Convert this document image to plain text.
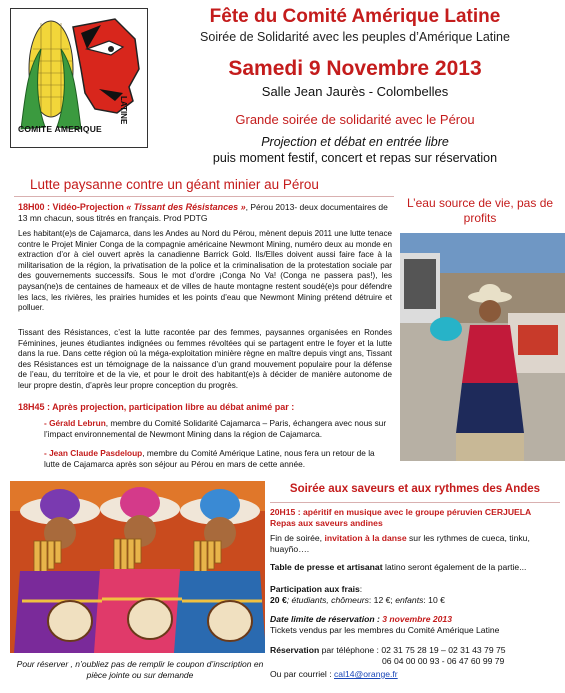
COMITE AMERIQUE
LATINE
Fête du Comité Amérique Latine
Soirée de Solidarité avec les peuples d’Amérique Latine
Samedi 9 Novembre 2013
Salle Jean Jaurès - Colombelles
Grande soirée de solidarité avec le Pérou
Projection et débat en entrée libre
puis moment festif, concert et repas sur réservation
Lutte paysanne contre un géant minier au Pérou
L’eau source de vie, pas de profits
18H00 : Vidéo-Projection « Tissant des Résistances », Pérou 2013- deux documentaires de 13 mn chacun, sous titrés en français. Prod PDTG
Les habitant(e)s de Cajamarca, dans les Andes au Nord du Pérou, mènent depuis 2011 une lutte tenace contre le Projet Minier Conga de la compagnie américaine Newmont Mining, numéro deux au monde en extraction d’or à ciel ouvert après la canadienne Barrick Gold. Ils/Elles doivent aussi faire face à la militarisation de la région, la privatisation de la police et la criminalisation de la protestation sociale par des gouvernements successifs. Sous le mot d’ordre ¡Conga No Va! (Conga ne passera pas!), les paysan(ne)s de centaines de hameaux et de villes de haute montagne restent soudé(e)s pour défendre les lacs, les rivières, les prairies humides et les points d’eau que Newmont Mining prétend détruire et polluer.
Tissant des Résistances, c’est la lutte racontée par des femmes, paysannes organisées en Rondes Féminines, jeunes étudiantes indignées ou femmes révoltées qui se partagent entre le foyer et la lutte dans la rue. Dans cette région où la méga-exploitation minière règne en maître depuis vingt ans, Tissant des Résistances est un témoignage de la naissance d’un grand mouvement populaire pour la défense de l’eau, du territoire et de la vie, et pour le droit des habitant(e)s à décider de manière autonome de leur propre destin, d’après leur propre conception du progrès.
18H45 : Après projection, participation libre au débat animé par :
- Gérald Lebrun, membre du Comité Solidarité Cajamarca – Paris, échangera avec nous sur l’impact environnemental de Newmont Mining dans la région de Cajamarca.
- Jean Claude Pasdeloup, membre du Comité Amérique Latine, nous fera un retour de la lutte de Cajamarca après son séjour au Pérou en mars de cette année.
Pour réserver , n’oubliez pas de remplir le coupon d’inscription en pièce jointe ou sur demande
Soirée aux saveurs et aux rythmes des Andes
20H15 : apéritif en musique avec le groupe péruvien CERJUELA
Repas aux saveurs andines
Fin de soirée, invitation à la danse sur les rythmes de cueca, tinku, huayño….
Table de presse et artisanat latino seront également de la partie...
Participation aux frais:
20 €; étudiants, chômeurs: 12 €; enfants: 10 €
Date limite de réservation : 3 novembre 2013
Tickets vendus par les membres du Comité Amérique Latine
Réservation par téléphone : 02 31 75 28 19 – 02 31 43 79 75
06 04 00 00 93 - 06 47 60 99 79
Ou par courriel : cal14@orange.fr
